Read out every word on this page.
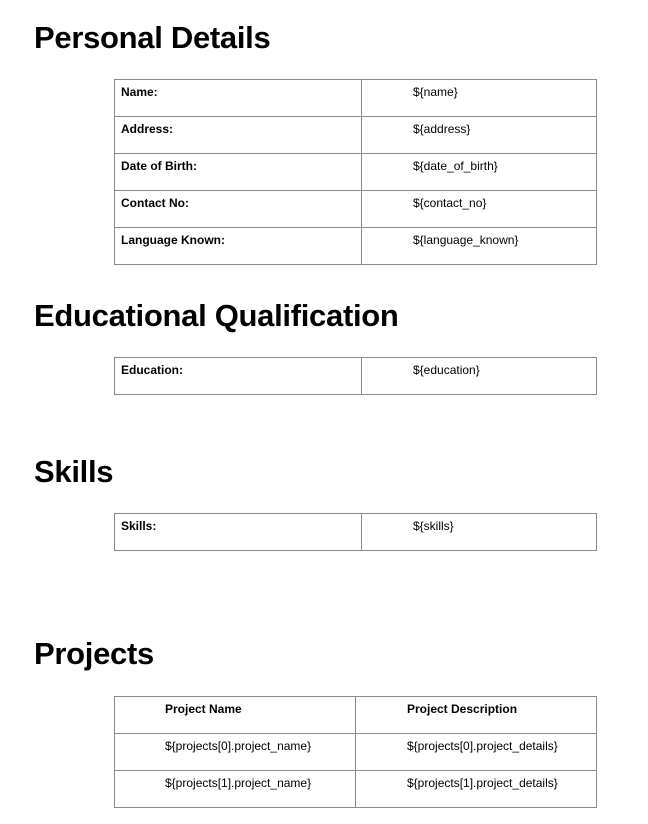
Personal Details
Name:	${name}
Address:	${address}
Date of Birth:	${date_of_birth}
Contact No:	${contact_no}
Language Known:	${language_known}
Educational Qualification
Education:	${education}
Skills
Skills:	${skills}
Projects
Project Name	Project Description
${projects[0].project_name}	${projects[0].project_details}
${projects[1].project_name}	${projects[1].project_details}
